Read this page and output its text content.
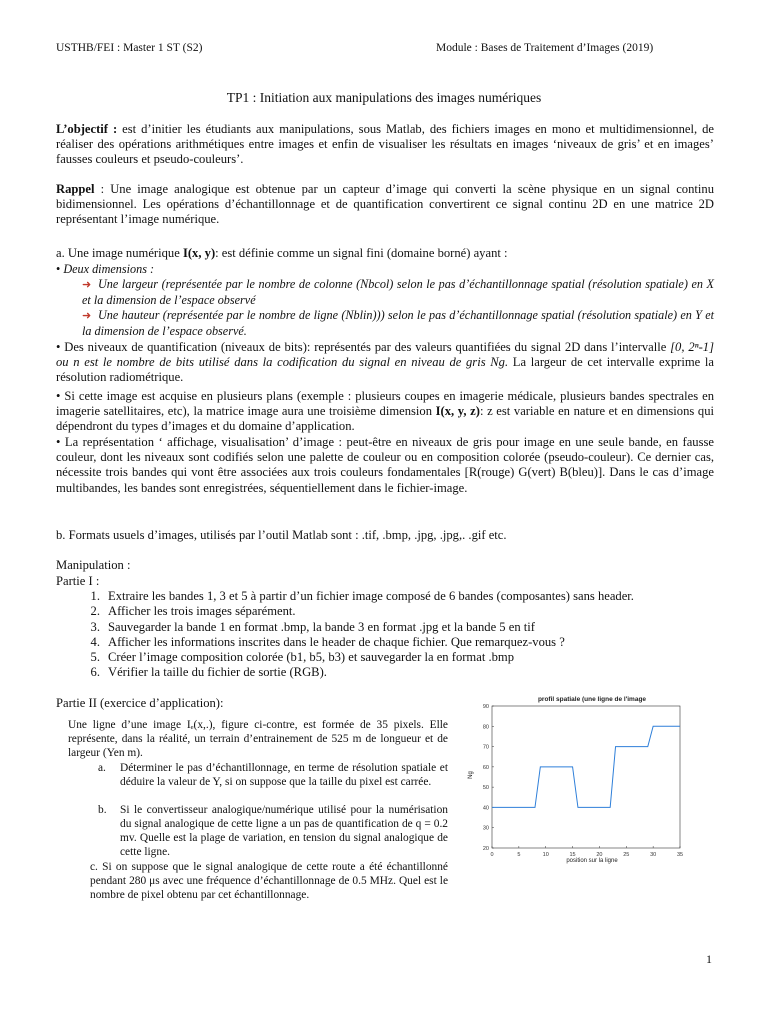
USTHB/FEI : Master 1 ST (S2)	Module : Bases de Traitement d’Images (2019)
TP1 : Initiation aux manipulations des images numériques
L’objectif : est d’initier les étudiants aux manipulations, sous Matlab, des fichiers images en mono et multidimensionnel, de réaliser des opérations arithmétiques entre images et enfin de visualiser les résultats en images ‘niveaux de gris’ et en images’ fausses couleurs et pseudo-couleurs’.
Rappel : Une image analogique est obtenue par un capteur d’image qui converti la scène physique en un signal continu bidimensionnel. Les opérations d’échantillonnage et de quantification convertirent ce signal continu 2D en une matrice 2D représentant l’image numérique.
a. Une image numérique I(x, y): est définie comme un signal fini (domaine borné) ayant :
• Deux dimensions :
➜ Une largeur (représentée par le nombre de colonne (Nbcol) selon le pas d’échantillonnage spatial (résolution spatiale) en X et la dimension de l’espace observé
➜ Une hauteur (représentée par le nombre de ligne (Nblin))) selon le pas d’échantillonnage spatial (résolution spatiale) en Y et la dimension de l’espace observé.
• Des niveaux de quantification (niveaux de bits): représentés par des valeurs quantifiées du signal 2D dans l’intervalle [0, 2ⁿ-1] ou n est le nombre de bits utilisé dans la codification du signal en niveau de gris Ng. La largeur de cet intervalle exprime la résolution radiométrique.
• Si cette image est acquise en plusieurs plans (exemple : plusieurs coupes en imagerie médicale, plusieurs bandes spectrales en imagerie satellitaires, etc), la matrice image aura une troisième dimension I(x, y, z): z est variable en nature et en dimensions qui dépendront du types d’images et du domaine d’application.
• La représentation ‘ affichage, visualisation’ d’image : peut-être en niveaux de gris pour image en une seule bande, en fausse couleur, dont les niveaux sont codifiés selon une palette de couleur ou en composition colorée (pseudo-couleur). Ce dernier cas, nécessite trois bandes qui vont être associées aux trois couleurs fondamentales [R(rouge) G(vert) B(bleu)]. Dans le cas d’image multibandes, les bandes sont enregistrées, séquentiellement dans le fichier-image.
b. Formats usuels d’images, utilisés par l’outil Matlab sont : .tif, .bmp, .jpg, .jpg,. .gif etc.
Manipulation :
Partie I :
1. Extraire les bandes 1, 3 et 5 à partir d’un fichier image composé de 6 bandes (composantes) sans header.
2. Afficher les trois images séparément.
3. Sauvegarder la bande 1 en format .bmp, la bande 3 en format .jpg et la bande 5 en tif
4. Afficher les informations inscrites dans le header de chaque fichier. Que remarquez-vous ?
5. Créer l’image composition colorée (b1, b5, b3) et sauvegarder la en format .bmp
6. Vérifier la taille du fichier de sortie (RGB).
Partie II (exercice d’application):
Une ligne d’une image Iₑ(x,.), figure ci-contre, est formée de 35 pixels. Elle représente, dans la réalité, un terrain d’entrainement de 525 m de longueur et de largeur (Yen m).
a. Déterminer le pas d’échantillonnage, en terme de résolution spatiale et déduire la valeur de Y, si on suppose que la taille du pixel est carrée.
b. Si le convertisseur analogique/numérique utilisé pour la numérisation du signal analogique de cette ligne a un pas de quantification de q = 0.2 mv. Quelle est la plage de variation, en tension du signal analogique de cette ligne.
c. Si on suppose que le signal analogique de cette route a été échantillonné pendant 280 μs avec une fréquence d’échantillonnage de 0.5 MHz. Quel est le nombre de pixel obtenu par cet échantillonnage.
profil spatiale (une ligne de l'image
position sur la ligne
Ng
0	5	10	15	20	25	30	35
20
30
40
50
60
70
80
90
1
